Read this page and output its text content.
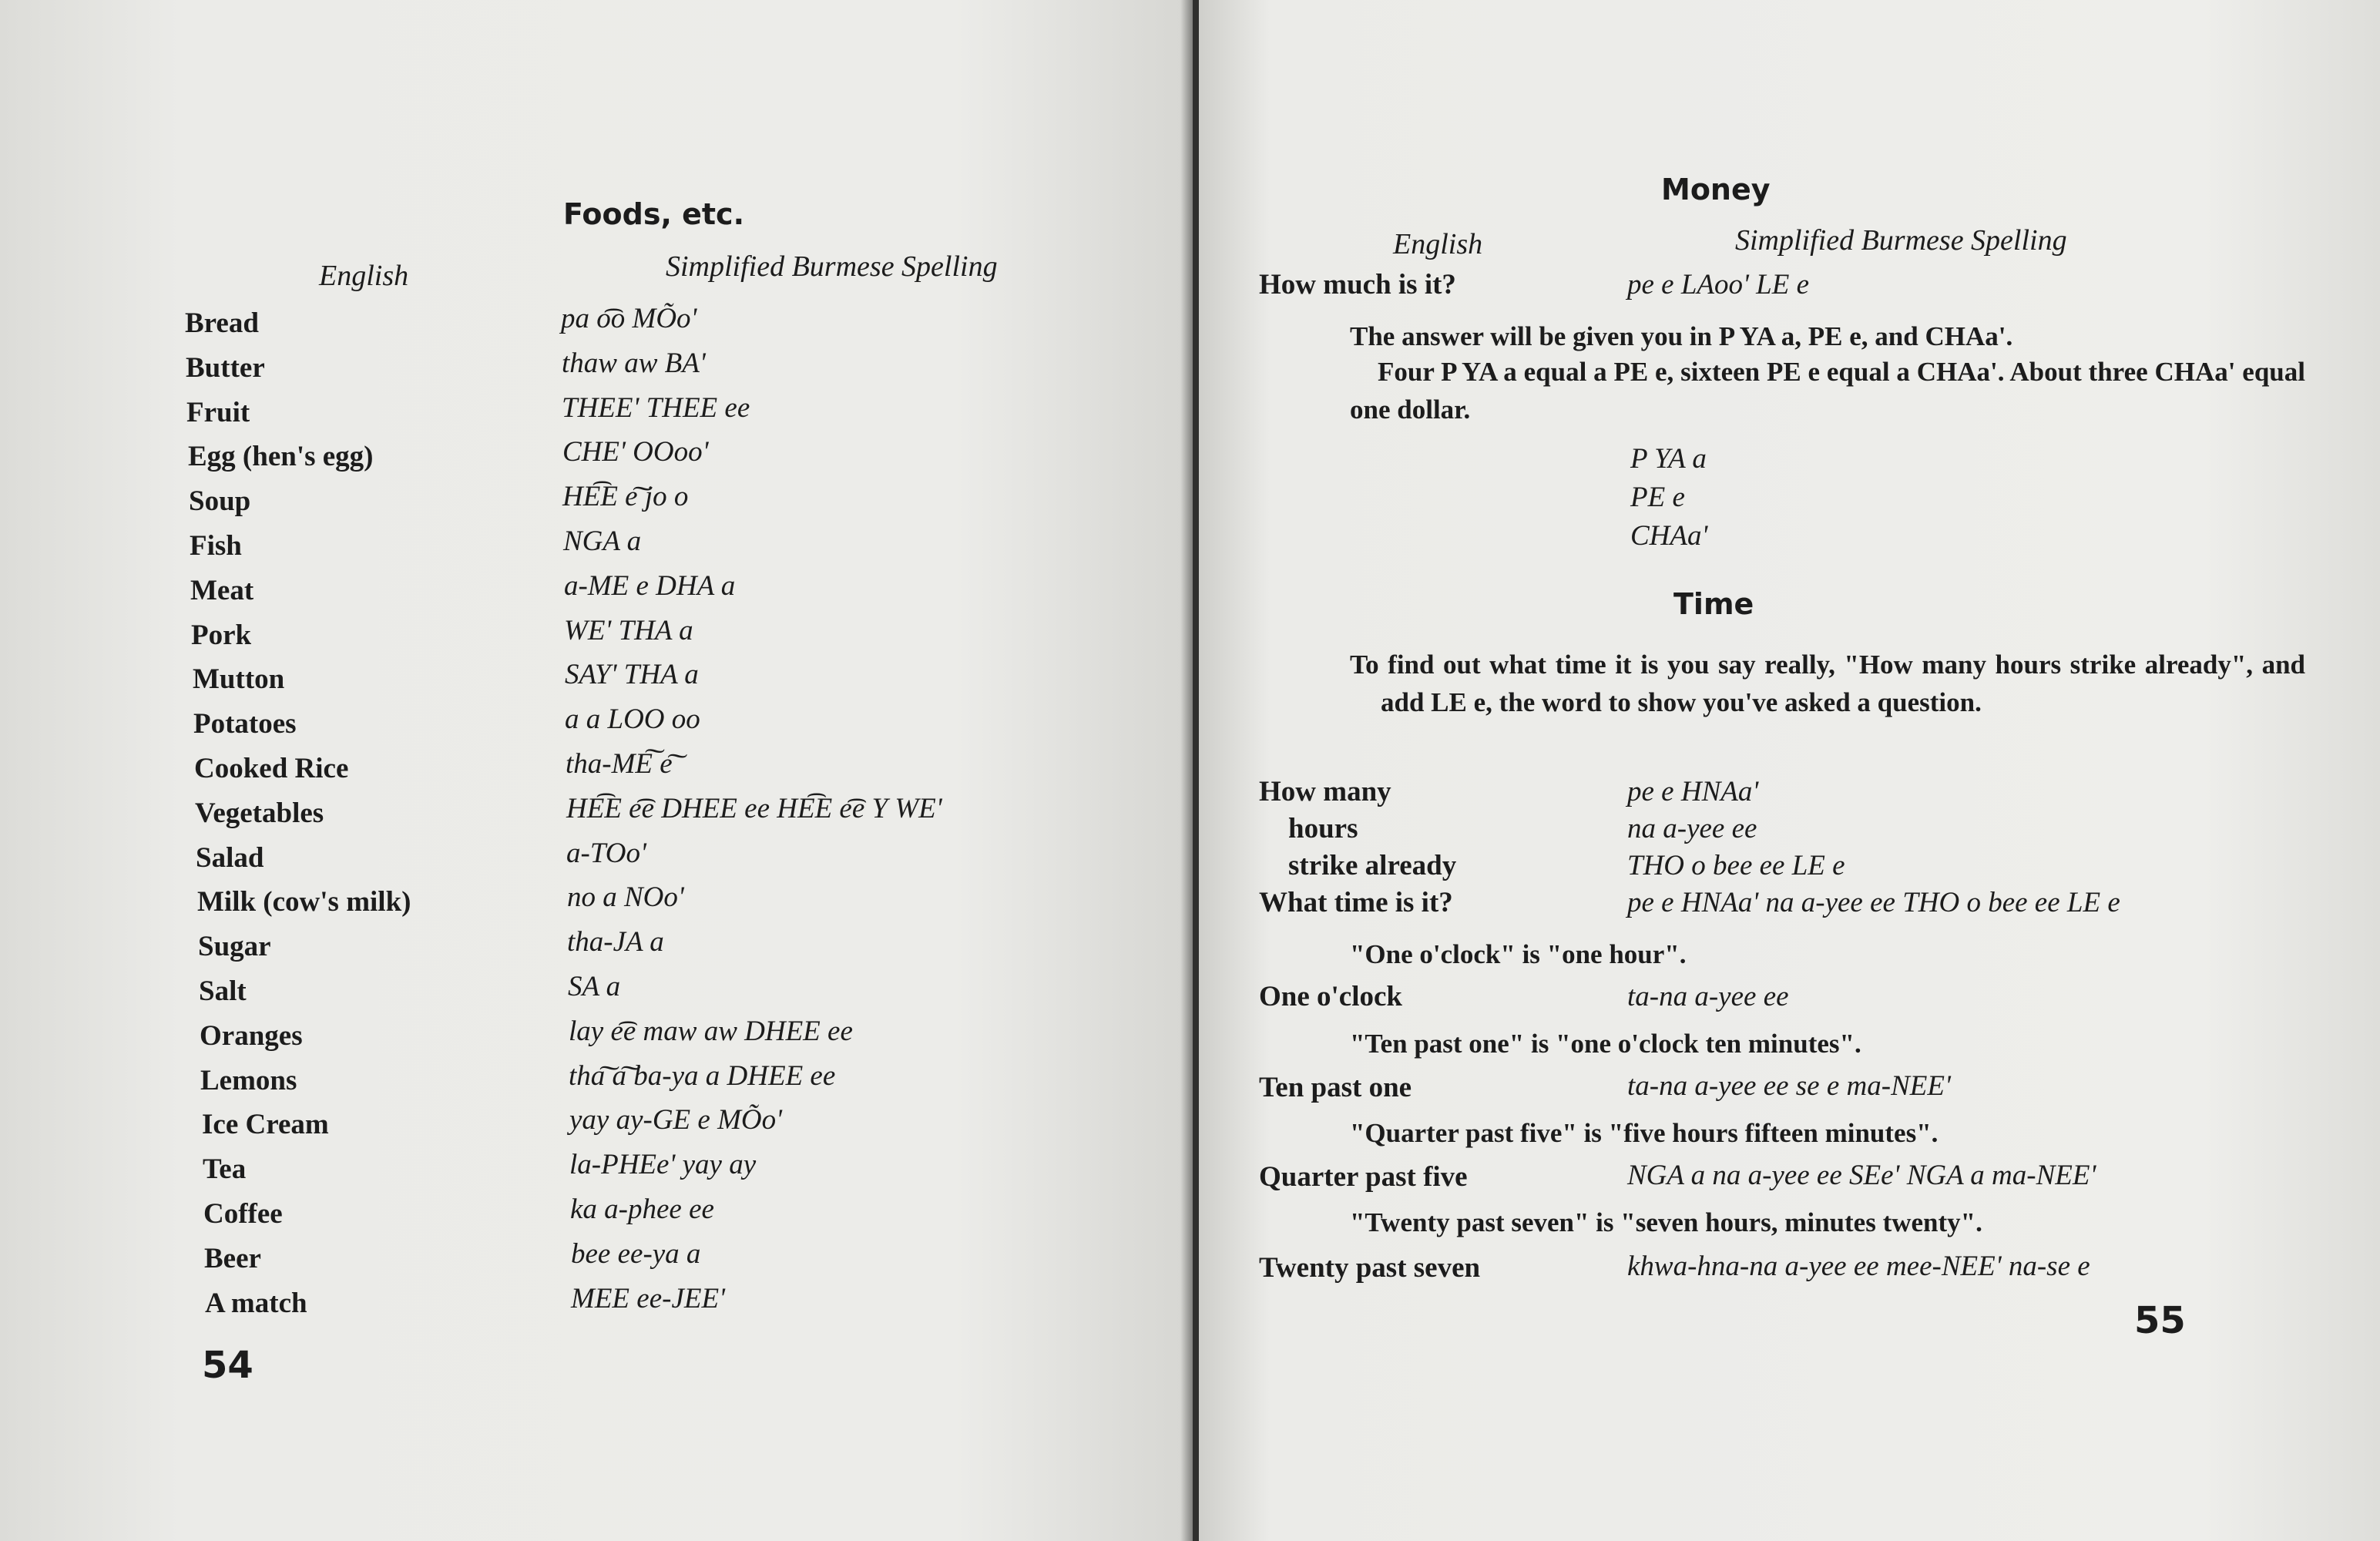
Foods, etc.
English	Simplified Burmese Spelling
Bread	pa o͡o MÕo'
Butter	thaw aw BA'
Fruit	THEE' THEE ee
Egg (hen's egg)	CHE' OOoo'
Soup	HE͡E e͠ jo o
Fish	NGA a
Meat	a-ME e DHA a
Pork	WE' THA a
Mutton	SAY' THA a
Potatoes	a a LOO oo
Cooked Rice	tha-ME͠ e͠
Vegetables	HE͡E e͡e DHEE ee HE͡E e͡e Y WE'
Salad	a-TOo'
Milk (cow's milk)	no a NOo'
Sugar	tha-JA a
Salt	SA a
Oranges	lay e͡e maw aw DHEE ee
Lemons	tha͠ a͠ ba-ya a DHEE ee
Ice Cream	yay ay-GE e MÕo'
Tea	la-PHEe' yay ay
Coffee	ka a-phee ee
Beer	bee ee-ya a
A match	MEE ee-JEE'
54
Money
English	Simplified Burmese Spelling
How much is it?	pe e LAoo' LE e
The answer will be given you in P YA a, PE e, and CHAa'.
Four P YA a equal a PE e, sixteen PE e equal a CHAa'. About three CHAa' equal one dollar.
P YA a
PE e
CHAa'
Time
To find out what time it is you say really, "How many hours strike already", and add LE e, the word to show you've asked a question.
How many	pe e HNAa'
hours	na a-yee ee
strike already	THO o bee ee LE e
What time is it?	pe e HNAa' na a-yee ee THO o bee ee LE e
"One o'clock" is "one hour".
One o'clock	ta-na a-yee ee
"Ten past one" is "one o'clock ten minutes".
Ten past one	ta-na a-yee ee se e ma-NEE'
"Quarter past five" is "five hours fifteen minutes".
Quarter past five	NGA a na a-yee ee SEe' NGA a ma-NEE'
"Twenty past seven" is "seven hours, minutes twenty".
Twenty past seven	khwa-hna-na a-yee ee mee-NEE' na-se e
55
